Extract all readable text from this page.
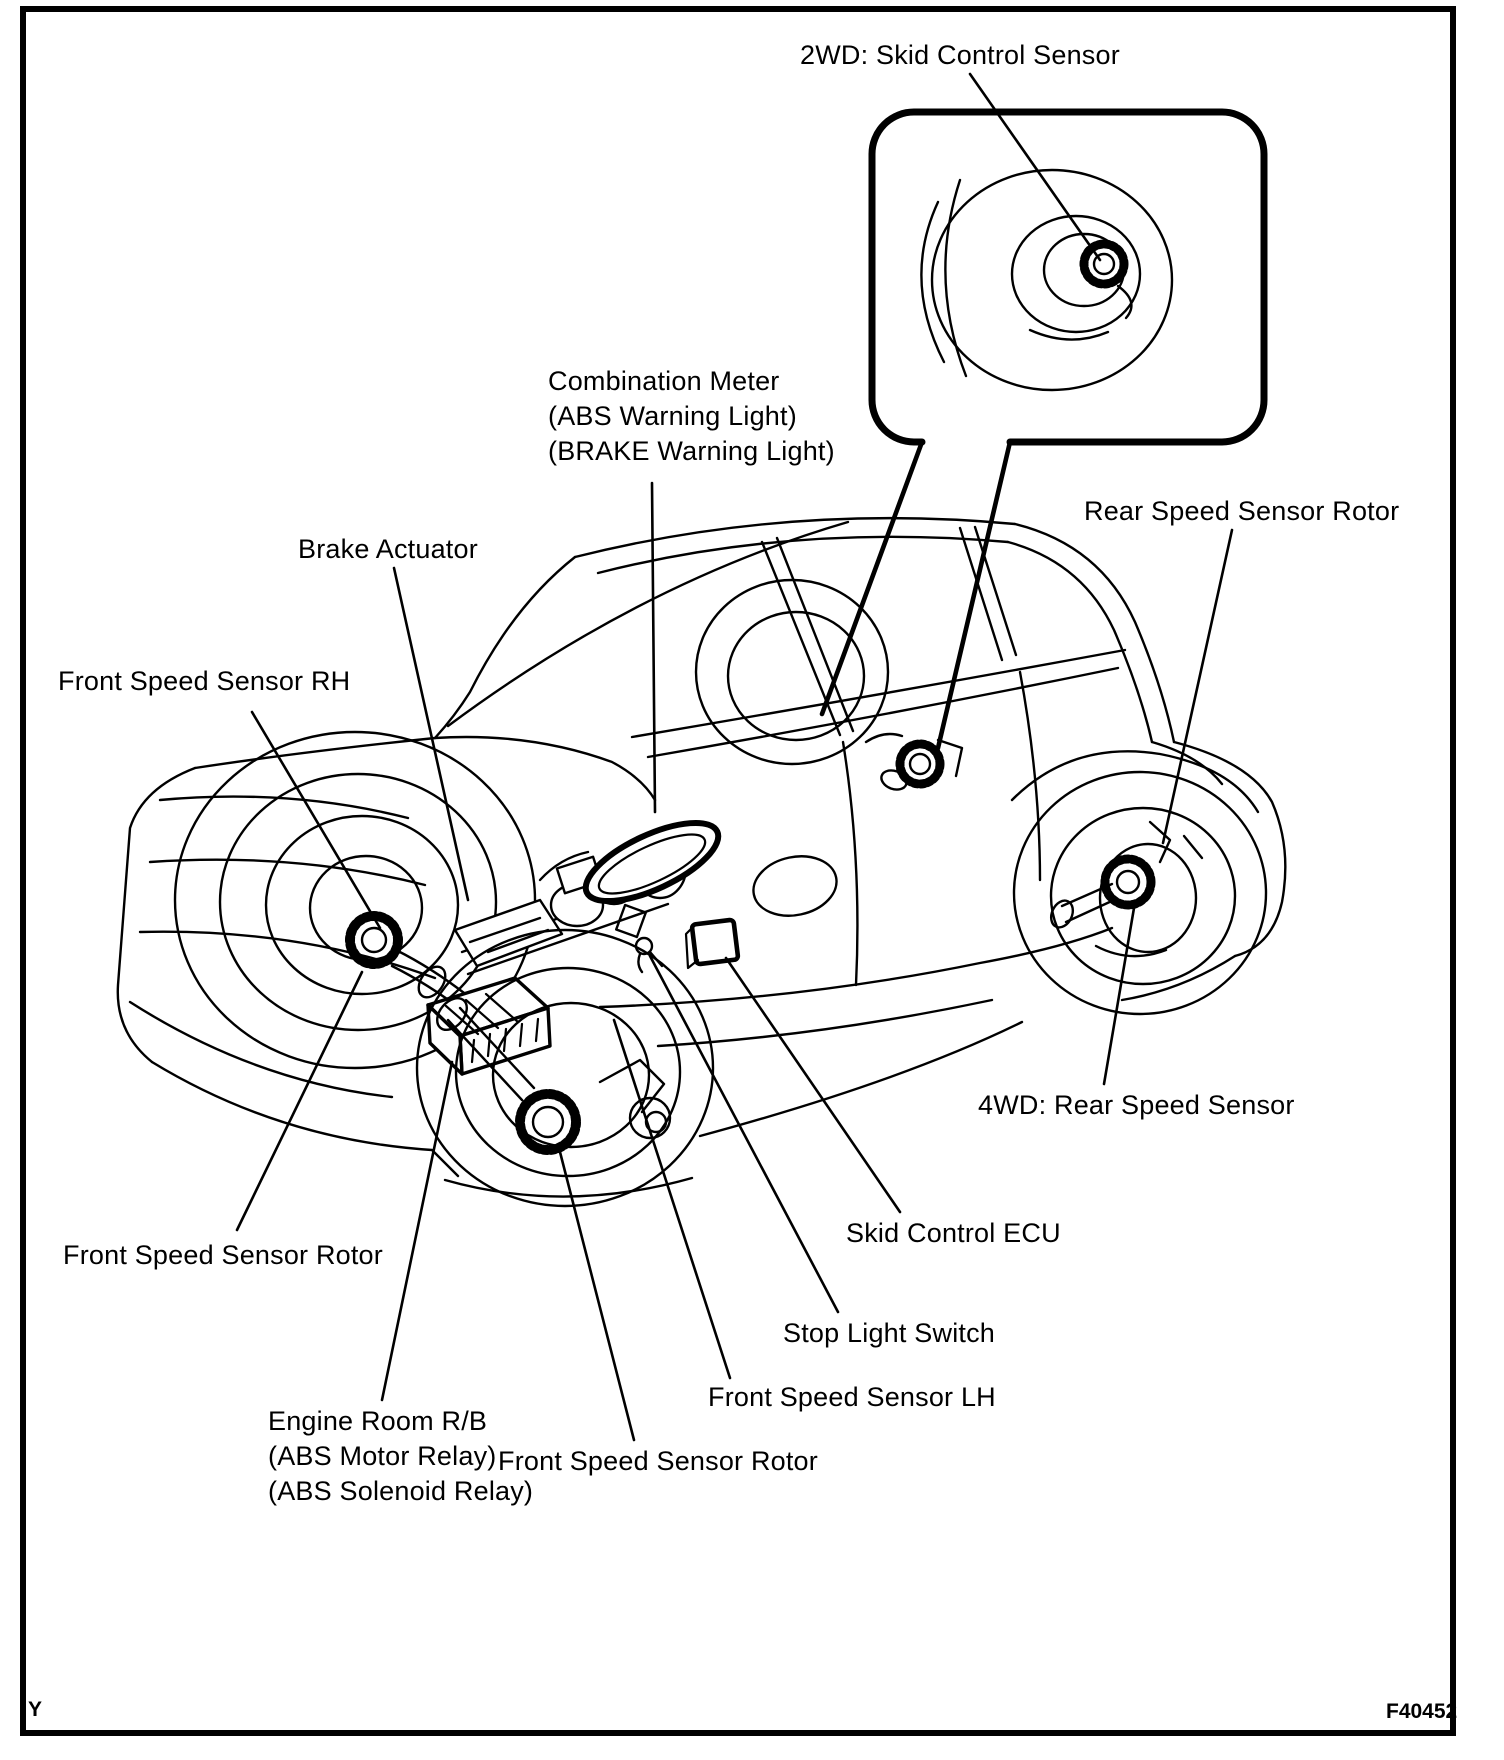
2WD: Skid Control Sensor
Combination Meter
(ABS Warning Light)
(BRAKE Warning Light)
Brake Actuator
Rear Speed Sensor Rotor
Front Speed Sensor RH
4WD: Rear Speed Sensor
Skid Control ECU
Stop Light Switch
Front Speed Sensor LH
Front Speed Sensor Rotor
Front Speed Sensor Rotor
Engine Room R/B
(ABS Motor Relay)
(ABS Solenoid Relay)
Y	F40452
